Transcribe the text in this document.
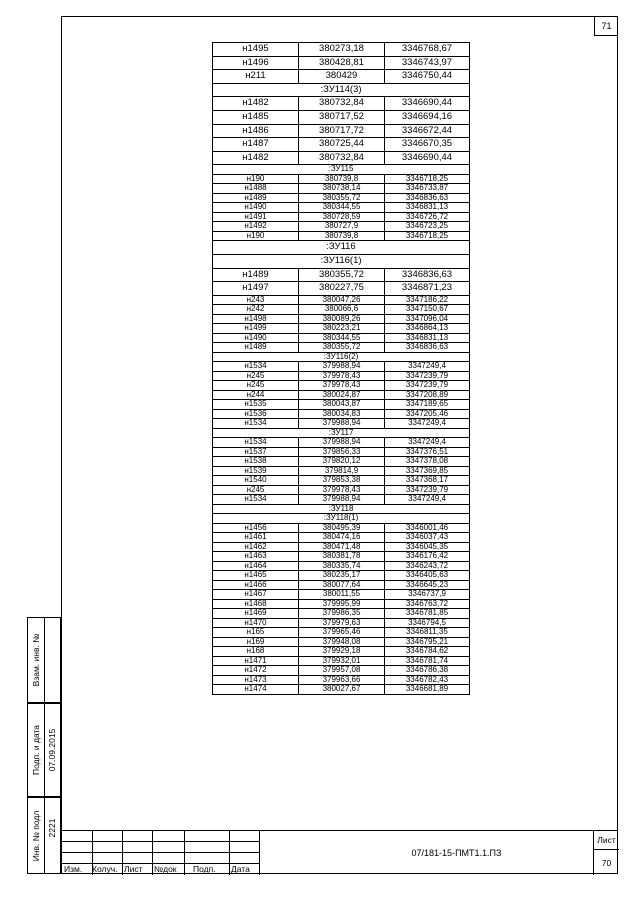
71
н1495	380273,18	3346768,67
н1496	380428,81	3346743,97
н211	380429	3346750,44
:ЗУ114(3)		
н1482	380732,84	3346690,44
н1485	380717,52	3346694,16
н1486	380717,72	3346672,44
н1487	380725,44	3346670,35
н1482	380732,84	3346690,44
:ЗУ115		
н190	380739,8	3346718,25
н1488	380738,14	3346733,87
н1489	380355,72	3346836,63
н1490	380344,55	3346831,13
н1491	380728,59	3346726,72
н1492	380727,9	3346723,25
н190	380739,8	3346718,25
:ЗУ116		
:ЗУ116(1)		
н1489	380355,72	3346836,63
н1497	380227,75	3346871,23
н243	380047,26	3347186,22
н242	380066,6	3347150,67
н1498	380089,26	3347096,04
н1499	380223,21	3346864,13
н1490	380344,55	3346831,13
н1489	380355,72	3346836,63
:ЗУ116(2)		
н1534	379988,94	3347249,4
н245	379978,43	3347239,79
н245	379978,43	3347239,79
н244	380024,87	3347208,89
н1535	380043,87	3347189,65
н1536	380034,83	3347205,46
н1534	379988,94	3347249,4
:ЗУ117		
н1534	379988,94	3347249,4
н1537	379856,33	3347376,51
н1538	379820,12	3347378,08
н1539	379814,9	3347369,85
н1540	379853,38	3347368,17
н245	379978,43	3347239,79
н1534	379988,94	3347249,4
:ЗУ118		
:ЗУ118(1)		
н1456	380495,39	3346001,46
н1461	380474,16	3346037,43
н1462	380471,48	3346045,35
н1463	380381,78	3346176,42
н1464	380335,74	3346243,72
н1465	380235,17	3346405,63
н1466	380077,64	3346645,23
н1467	380011,55	3346737,9
н1468	379995,99	3346763,72
н1469	379986,35	3346781,85
н1470	379979,63	3346794,5
н165	379965,46	3346811,35
н169	379948,08	3346795,21
н168	379929,18	3346784,62
н1471	379932,01	3346781,74
н1472	379957,08	3346786,38
н1473	379963,66	3346782,43
н1474	380027,67	3346681,89
Взам. инв. №
Подп. и дата 07.09.2015
Инв. № подл 2221
Изм. Колуч. Лист №док Подп. Дата
07/181-15-ПМТ1.1.ПЗ
Лист
70
